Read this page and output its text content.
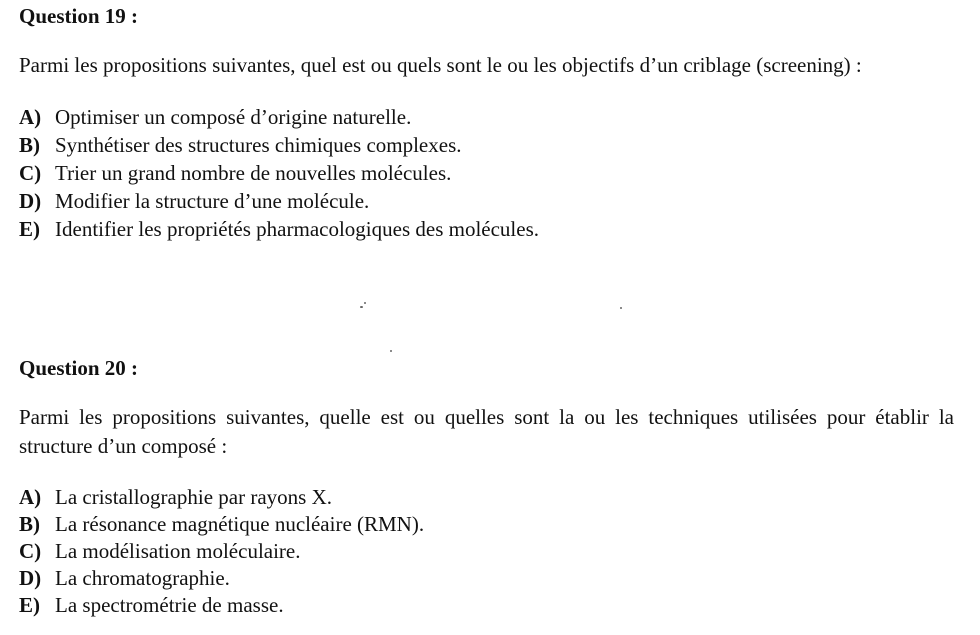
Question 19 :

Parmi les propositions suivantes, quel est ou quels sont le ou les objectifs d’un criblage (screening) :

A) Optimiser un composé d’origine naturelle.
B) Synthétiser des structures chimiques complexes.
C) Trier un grand nombre de nouvelles molécules.
D) Modifier la structure d’une molécule.
E) Identifier les propriétés pharmacologiques des molécules.
Question 20 :

Parmi les propositions suivantes, quelle est ou quelles sont la ou les techniques utilisées pour établir la structure d’un composé :

A) La cristallographie par rayons X.
B) La résonance magnétique nucléaire (RMN).
C) La modélisation moléculaire.
D) La chromatographie.
E) La spectrométrie de masse.
